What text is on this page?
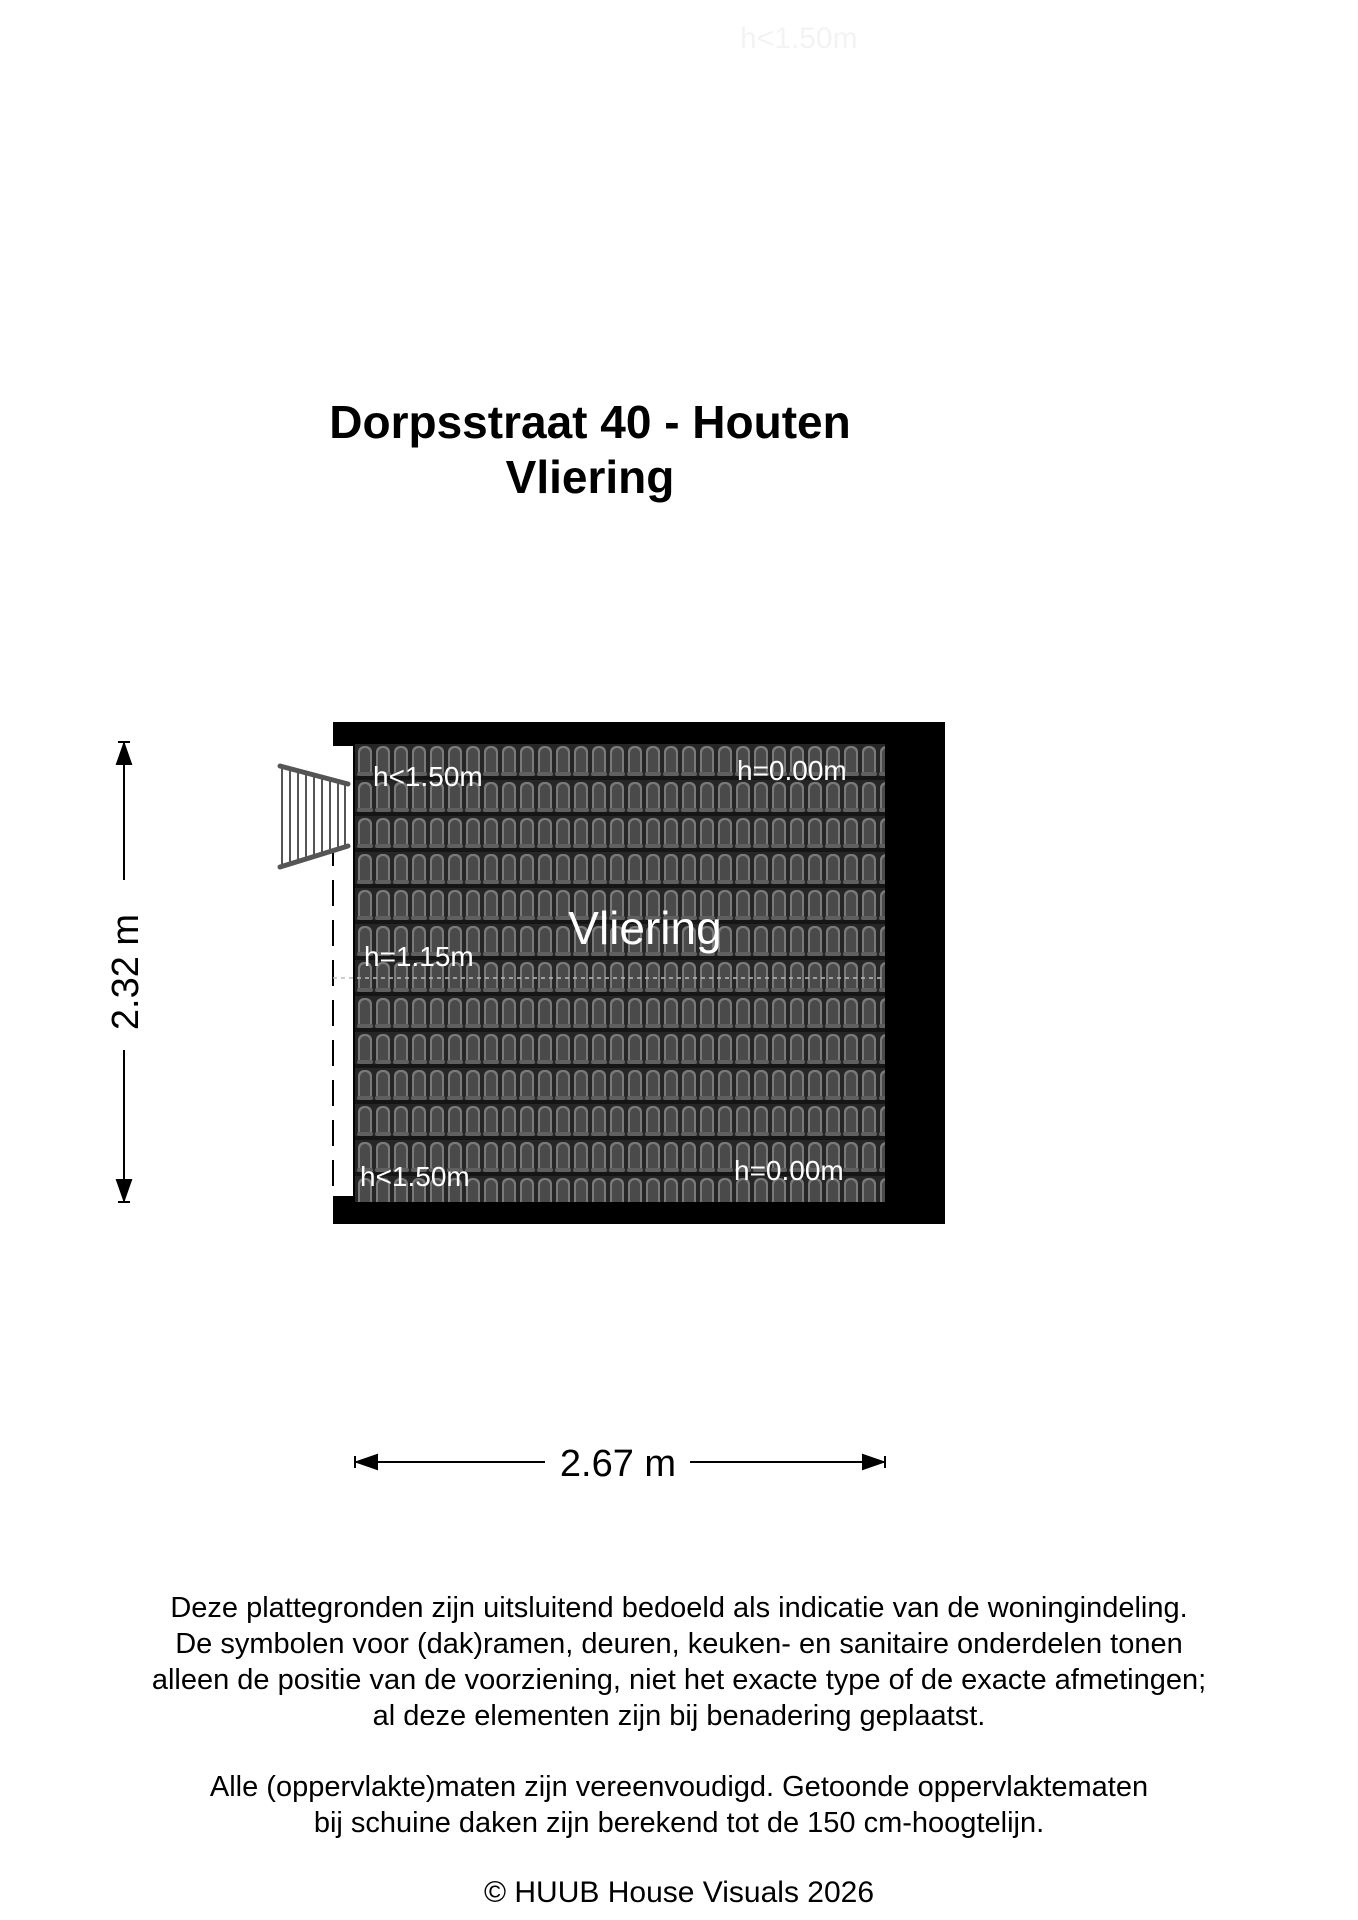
h<1.50m
Dorpsstraat 40 - Houten
Vliering
Vliering
h<1.50m	h=0.00m
h=1.15m
h<1.50m	h=0.00m
2.32 m
2.67 m
Deze plattegronden zijn uitsluitend bedoeld als indicatie van de woningindeling.
De symbolen voor (dak)ramen, deuren, keuken- en sanitaire onderdelen tonen
alleen de positie van de voorziening, niet het exacte type of de exacte afmetingen;
al deze elementen zijn bij benadering geplaatst.
Alle (oppervlakte)maten zijn vereenvoudigd. Getoonde oppervlaktematen
bij schuine daken zijn berekend tot de 150 cm-hoogtelijn.
© HUUB House Visuals 2026
